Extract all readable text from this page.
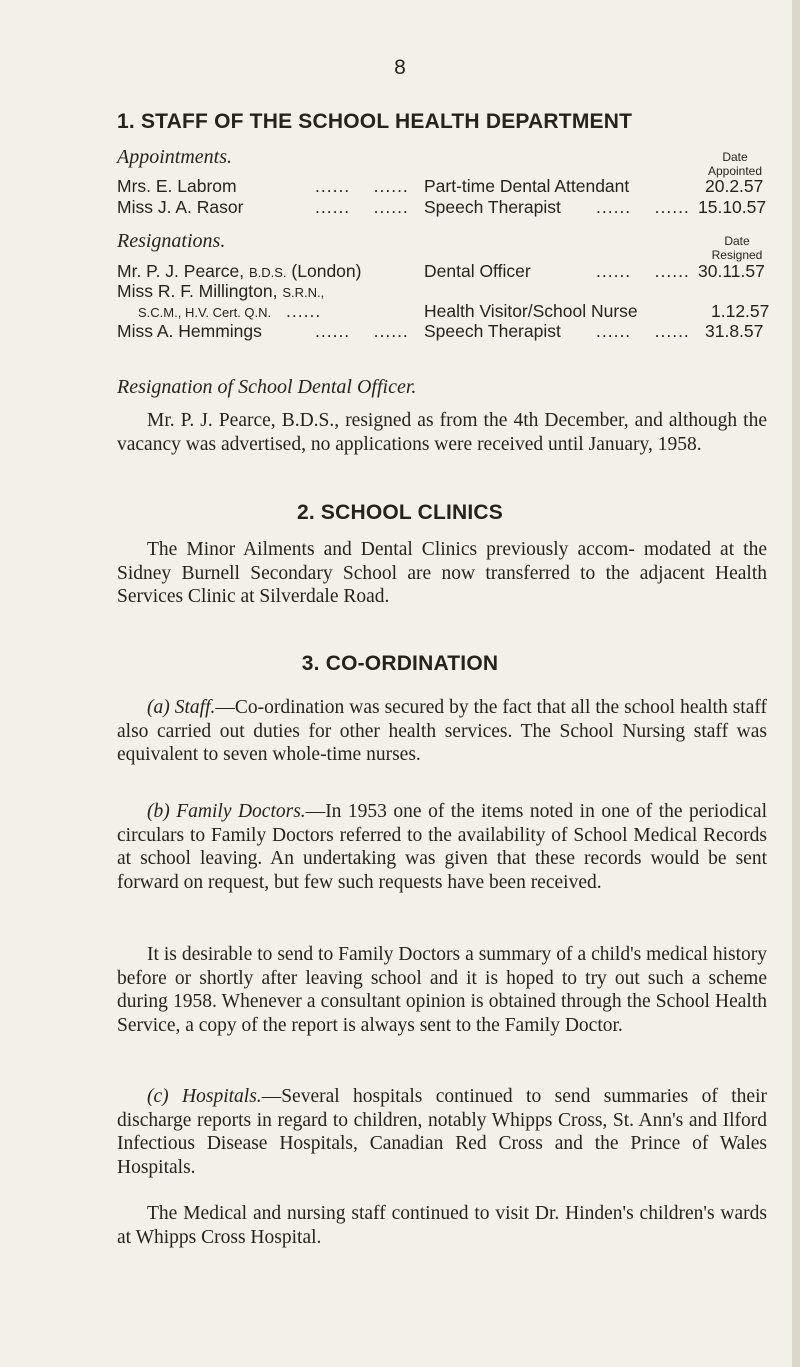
8
1. STAFF OF THE SCHOOL HEALTH DEPARTMENT
Appointments.	Date
Appointed
Mrs. E. Labrom	......    ...... Part-time Dental Attendant	20.2.57
Miss J. A. Rasor	......    ...... Speech Therapist ......    ...... 15.10.57
Resignations.	Date
Resigned
Mr. P. J. Pearce, B.D.S. (London)	Dental Officer	......    ...... 30.11.57
Miss R. F. Millington, S.R.N.,
S.C.M., H.V. Cert. Q.N. ......	Health Visitor/School Nurse	1.12.57
Miss A. Hemmings	......    ...... Speech Therapist ......    ...... 31.8.57
Resignation of School Dental Officer.
Mr. P. J. Pearce, B.D.S., resigned as from the 4th December, and although the vacancy was advertised, no applications were received until January, 1958.
2. SCHOOL CLINICS
The Minor Ailments and Dental Clinics previously accom- modated at the Sidney Burnell Secondary School are now transferred to the adjacent Health Services Clinic at Silverdale Road.
3. CO-ORDINATION
(a) Staff.—Co-ordination was secured by the fact that all the school health staff also carried out duties for other health services. The School Nursing staff was equivalent to seven whole-time nurses.
(b) Family Doctors.—In 1953 one of the items noted in one of the periodical circulars to Family Doctors referred to the availability of School Medical Records at school leaving. An undertaking was given that these records would be sent forward on request, but few such requests have been received.
It is desirable to send to Family Doctors a summary of a child's medical history before or shortly after leaving school and it is hoped to try out such a scheme during 1958. Whenever a consultant opinion is obtained through the School Health Service, a copy of the report is always sent to the Family Doctor.
(c) Hospitals.—Several hospitals continued to send summaries of their discharge reports in regard to children, notably Whipps Cross, St. Ann's and Ilford Infectious Disease Hospitals, Canadian Red Cross and the Prince of Wales Hospitals.
The Medical and nursing staff continued to visit Dr. Hinden's children's wards at Whipps Cross Hospital.
